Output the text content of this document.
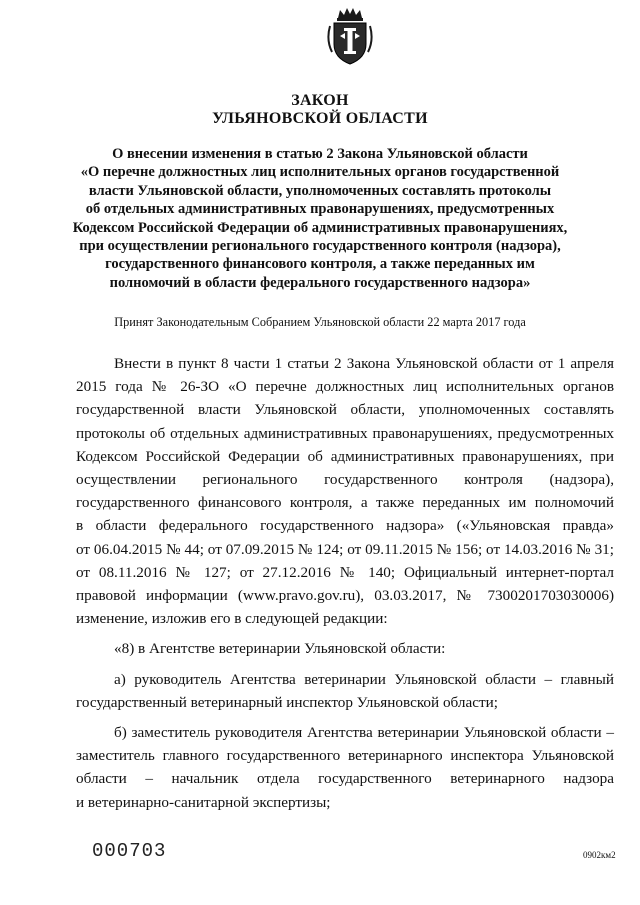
ЗАКОН
УЛЬЯНОВСКОЙ ОБЛАСТИ
О внесении изменения в статью 2 Закона Ульяновской области
«О перечне должностных лиц исполнительных органов государственной
власти Ульяновской области, уполномоченных составлять протоколы
об отдельных административных правонарушениях, предусмотренных
Кодексом Российской Федерации об административных правонарушениях,
при осуществлении регионального государственного контроля (надзора),
государственного финансового контроля, а также переданных им
полномочий в области федерального государственного надзора»
Принят Законодательным Собранием Ульяновской области 22 марта 2017 года
Внести в пункт 8 части 1 статьи 2 Закона Ульяновской области от 1 апреля
2015 года № 26-ЗО «О перечне должностных лиц исполнительных органов
государственной власти Ульяновской области, уполномоченных составлять
протоколы об отдельных административных правонарушениях, предусмотренных
Кодексом Российской Федерации об административных правонарушениях, при
осуществлении регионального государственного контроля (надзора),
государственного финансового контроля, а также переданных им полномочий
в области федерального государственного надзора» («Ульяновская правда»
от 06.04.2015 № 44; от 07.09.2015 № 124; от 09.11.2015 № 156; от 14.03.2016 № 31;
от 08.11.2016 № 127; от 27.12.2016 № 140; Официальный интернет-портал
правовой информации (www.pravo.gov.ru), 03.03.2017, № 7300201703030006)
изменение, изложив его в следующей редакции:
«8) в Агентстве ветеринарии Ульяновской области:
а) руководитель Агентства ветеринарии Ульяновской области – главный
государственный ветеринарный инспектор Ульяновской области;
б) заместитель руководителя Агентства ветеринарии Ульяновской области –
заместитель главного государственного ветеринарного инспектора Ульяновской
области – начальник отдела государственного ветеринарного надзора
и ветеринарно-санитарной экспертизы;
000703	0902км2
